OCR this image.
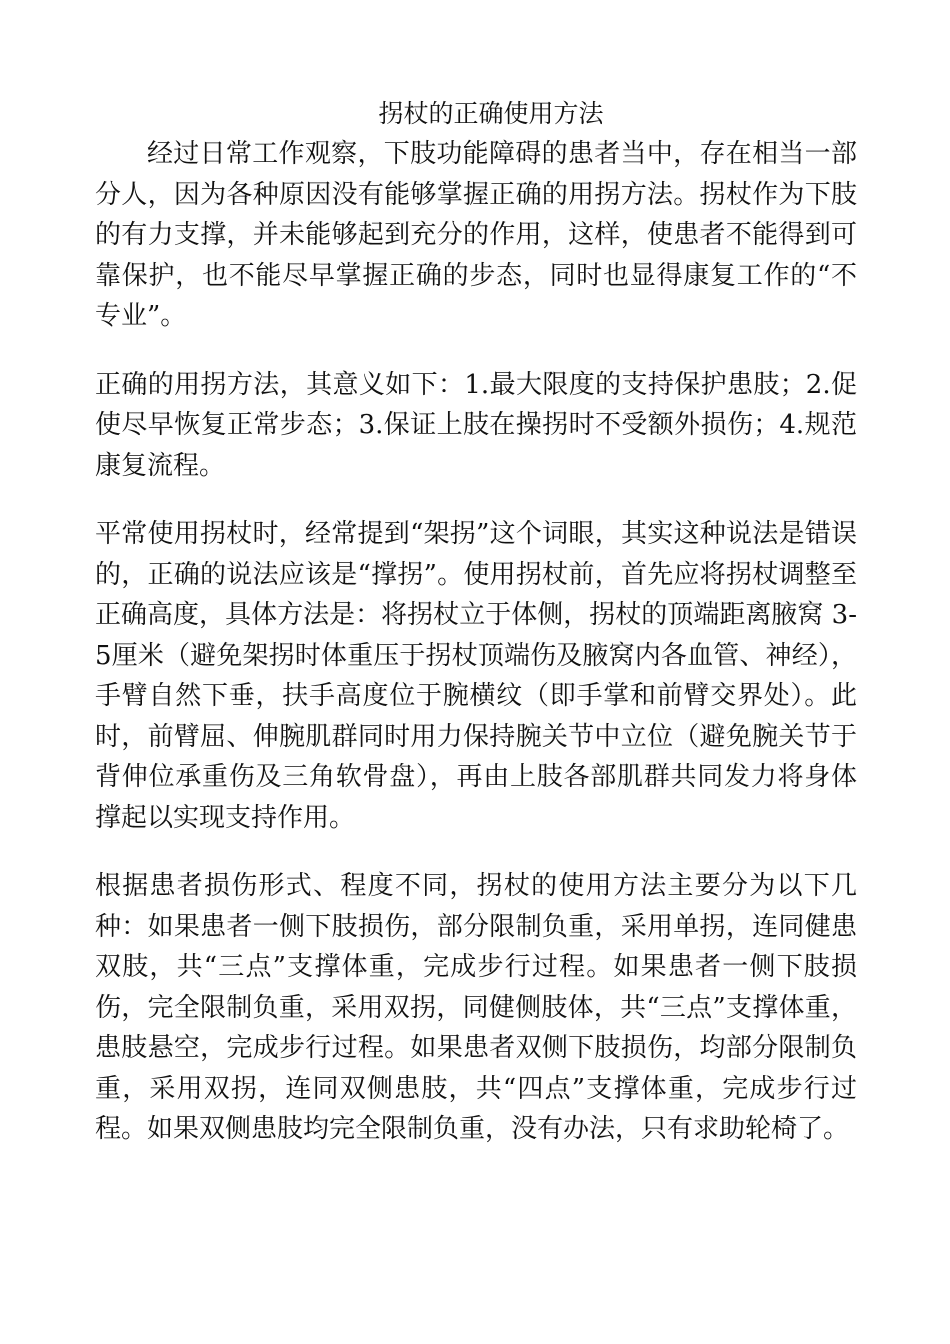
拐杖的正确使用方法

经过日常工作观察，下肢功能障碍的患者当中，存在相当一部分人，因为各种原因没有能够掌握正确的用拐方法。拐杖作为下肢的有力支撑，并未能够起到充分的作用，这样，使患者不能得到可靠保护，也不能尽早掌握正确的步态，同时也显得康复工作的“不专业”。

正确的用拐方法，其意义如下：1.最大限度的支持保护患肢；2.促使尽早恢复正常步态；3.保证上肢在操拐时不受额外损伤；4.规范康复流程。

平常使用拐杖时，经常提到“架拐”这个词眼，其实这种说法是错误的，正确的说法应该是“撑拐”。使用拐杖前，首先应将拐杖调整至正确高度，具体方法是：将拐杖立于体侧，拐杖的顶端距离腋窝 3-5厘米（避免架拐时体重压于拐杖顶端伤及腋窝内各血管、神经），手臂自然下垂，扶手高度位于腕横纹（即手掌和前臂交界处）。此时，前臂屈、伸腕肌群同时用力保持腕关节中立位（避免腕关节于背伸位承重伤及三角软骨盘），再由上肢各部肌群共同发力将身体撑起以实现支持作用。

根据患者损伤形式、程度不同，拐杖的使用方法主要分为以下几种：如果患者一侧下肢损伤，部分限制负重，采用单拐，连同健患双肢，共“三点”支撑体重，完成步行过程。如果患者一侧下肢损伤，完全限制负重，采用双拐，同健侧肢体，共“三点”支撑体重，患肢悬空，完成步行过程。如果患者双侧下肢损伤，均部分限制负重，采用双拐，连同双侧患肢，共“四点”支撑体重，完成步行过程。如果双侧患肢均完全限制负重，没有办法，只有求助轮椅了。
